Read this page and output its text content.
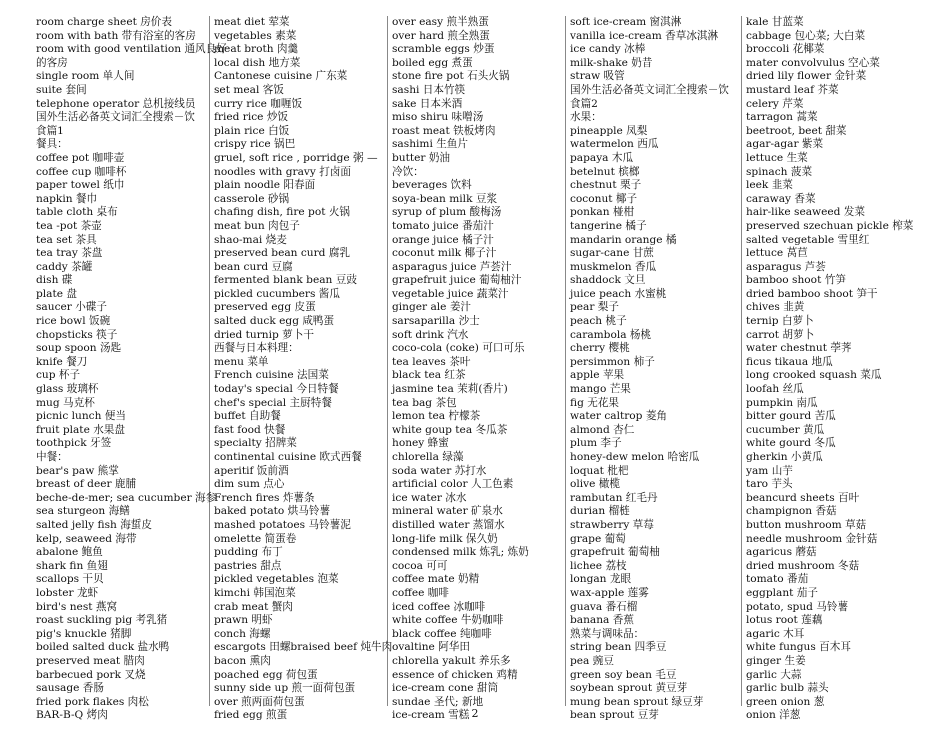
room charge sheet 房价表
room with bath 带有浴室的客房
room with good ventilation 通风良好
的客房
single room 单人间
suite 套间
telephone operator 总机接线员
国外生活必备英文词汇全搜索－饮
食篇1
餐具：
coffee pot 咖啡壶
coffee cup 咖啡杯
paper towel 纸巾
napkin 餐巾
table cloth 桌布
tea -pot 茶壶
tea set 茶具
tea tray 茶盘
caddy 茶罐
dish 碟
plate 盘
saucer 小碟子
rice bowl 饭碗
chopsticks 筷子
soup spoon 汤匙
knife 餐刀
cup 杯子
glass 玻璃杯
mug 马克杯
picnic lunch 便当
fruit plate 水果盘
toothpick 牙签
中餐：
bear's paw 熊掌
breast of deer 鹿脯
beche-de-mer; sea cucumber 海参
sea sturgeon 海鳝
salted jelly fish 海蜇皮
kelp, seaweed 海带
abalone 鲍鱼
shark fin 鱼翅
scallops 干贝
lobster 龙虾
bird's nest 燕窝
roast suckling pig 考乳猪
pig's knuckle 猪脚
boiled salted duck 盐水鸭
preserved meat 腊肉
barbecued pork 叉烧
sausage 香肠
fried pork flakes 肉松
BAR-B-Q 烤肉
meat diet 荤菜
vegetables 素菜
meat broth 肉羹
local dish 地方菜
Cantonese cuisine 广东菜
set meal 客饭
curry rice 咖喱饭
fried rice 炒饭
plain rice 白饭
crispy rice 锅巴
gruel, soft rice , porridge 粥 —
noodles with gravy 打卤面
plain noodle 阳春面
casserole 砂锅
chafing dish, fire pot 火锅
meat bun 肉包子
shao-mai 烧麦
preserved bean curd 腐乳
bean curd 豆腐
fermented blank bean 豆豉
pickled cucumbers 酱瓜
preserved egg 皮蛋
salted duck egg 咸鸭蛋
dried turnip 萝卜干
西餐与日本料理：
menu 菜单
French cuisine 法国菜
today's special 今日特餐
chef's special 主厨特餐
buffet 自助餐
fast food 快餐
specialty 招牌菜
continental cuisine 欧式西餐
aperitif 饭前酒
dim sum 点心
French fires 炸薯条
baked potato 烘马铃薯
mashed potatoes 马铃薯泥
omelette 简蛋卷
pudding 布丁
pastries 甜点
pickled vegetables 泡菜
kimchi 韩国泡菜
crab meat 蟹肉
prawn 明虾
conch 海螺
escargots 田螺braised beef 炖牛肉
bacon 熏肉
poached egg 荷包蛋
sunny side up 煎一面荷包蛋
over 煎两面荷包蛋
fried egg 煎蛋
over easy 煎半熟蛋
over hard 煎全熟蛋
scramble eggs 炒蛋
boiled egg 煮蛋
stone fire pot 石头火锅
sashi 日本竹筷
sake 日本米酒
miso shiru 味噌汤
roast meat 铁板烤肉
sashimi 生鱼片
butter 奶油
冷饮：
beverages 饮料
soya-bean milk 豆浆
syrup of plum 酸梅汤
tomato juice 番茄汁
orange juice 橘子汁
coconut milk 椰子汁
asparagus juice 芦荟汁
grapefruit juice 葡萄柚汁
vegetable juice 蔬菜汁
ginger ale 姜汁
sarsaparilla 沙士
soft drink 汽水
coco-cola (coke) 可口可乐
tea leaves 茶叶
black tea 红茶
jasmine tea 茉莉(香片)
tea bag 茶包
lemon tea 柠檬茶
white goup tea 冬瓜茶
honey 蜂蜜
chlorella 绿藻
soda water 苏打水
artificial color 人工色素
ice water 冰水
mineral water 矿泉水
distilled water 蒸馏水
long-life milk 保久奶
condensed milk 炼乳; 炼奶
cocoa 可可
coffee mate 奶精
coffee 咖啡
iced coffee 冰咖啡
white coffee 牛奶咖啡
black coffee 纯咖啡
ovaltine 阿华田
chlorella yakult 养乐多
essence of chicken 鸡精
ice-cream cone 甜筒
sundae 圣代; 新地
ice-cream 雪糕
soft ice-cream 窗淇淋
vanilla ice-cream 香草冰淇淋
ice candy 冰棒
milk-shake 奶昔
straw 吸管
国外生活必备英文词汇全搜索－饮
食篇2
水果：
pineapple 凤梨
watermelon 西瓜
papaya 木瓜
betelnut 槟榔
chestnut 栗子
coconut 椰子
ponkan 椪柑
tangerine 橘子
mandarin orange 橘
sugar-cane 甘蔗
muskmelon 香瓜
shaddock 文旦
juice peach 水蜜桃
pear 梨子
peach 桃子
carambola 杨桃
cherry 樱桃
persimmon 柿子
apple 苹果
mango 芒果
fig 无花果
water caltrop 菱角
almond 杏仁
plum 李子
honey-dew melon 哈密瓜
loquat 枇杷
olive 橄榄
rambutan 红毛丹
durian 榴梿
strawberry 草莓
grape 葡萄
grapefruit 葡萄柚
lichee 荔枝
longan 龙眼
wax-apple 莲雾
guava 番石榴
banana 香蕉
熟菜与调味品：
string bean 四季豆
pea 豌豆
green soy bean 毛豆
soybean sprout 黄豆芽
mung bean sprout 绿豆芽
bean sprout 豆芽
kale 甘蓝菜
cabbage 包心菜; 大白菜
broccoli 花椰菜
mater convolvulus 空心菜
dried lily flower 金针菜
mustard leaf 芥菜
celery 芹菜
tarragon 蒿菜
beetroot, beet 甜菜
agar-agar 紫菜
lettuce 生菜
spinach 菠菜
leek 韭菜
caraway 香菜
hair-like seaweed 发菜
preserved szechuan pickle 榨菜
salted vegetable 雪里红
lettuce 莴苣
asparagus 芦荟
bamboo shoot 竹笋
dried bamboo shoot 笋干
chives 韭黄
ternip 白萝卜
carrot 胡萝卜
water chestnut 荸荠
ficus tikaua 地瓜
long crooked squash 菜瓜
loofah 丝瓜
pumpkin 南瓜
bitter gourd 苦瓜
cucumber 黄瓜
white gourd 冬瓜
gherkin 小黄瓜
yam 山芋
taro 芋头
beancurd sheets 百叶
champignon 香菇
button mushroom 草菇
needle mushroom 金针菇
agaricus 蘑菇
dried mushroom 冬菇
tomato 番茄
eggplant 茄子
potato, spud 马铃薯
lotus root 莲藕
agaric 木耳
white fungus 百木耳
ginger 生姜
garlic 大蒜
garlic bulb 蒜头
green onion 葱
onion 洋葱
2
